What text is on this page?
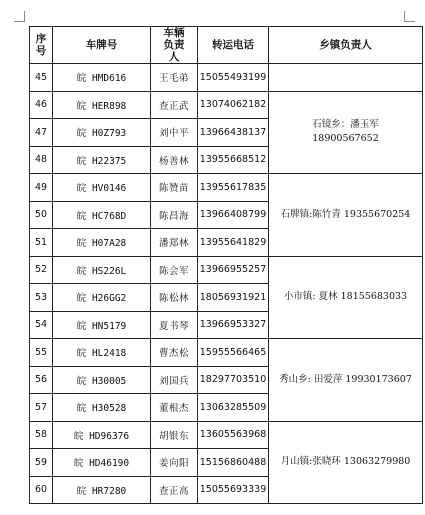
序号	车牌号	车辆负责人	转运电话	乡镇负责人
45	皖 HMD616	王毛弟	15055493199	
46	皖 HER898	查正武	13074062182	石镜乡：潘玉军
18900567652

47	皖 H0Z793	刘中平	13966438137	
48	皖 H22375	杨善林	13955668512	
49	皖 HV0146	陈赞苗	13955617835	石牌镇:陈竹青 19355670254
50	皖 HC768D	陈昌海	13966408799	
51	皖 H07A28	潘郑林	13955641829	
52	皖 HS226L	陈会军	13966955257	小市镇: 夏林 18155683033
53	皖 H26GG2	陈松林	18056931921	
54	皖 HN5179	夏书琴	13966953327	
55	皖 HL2418	曹杰松	15955566465	秀山乡: 田爱萍 19930173607
56	皖 H30005	刘国兵	18297703510	
57	皖 H30528	董根杰	13063285509	
58	皖 HD96376	胡银东	13605563968	月山镇:张晓环 13063279980
59	皖 HD46190	姜向阳	15156860488	
60	皖 HR7280	查正高	15055693339	
